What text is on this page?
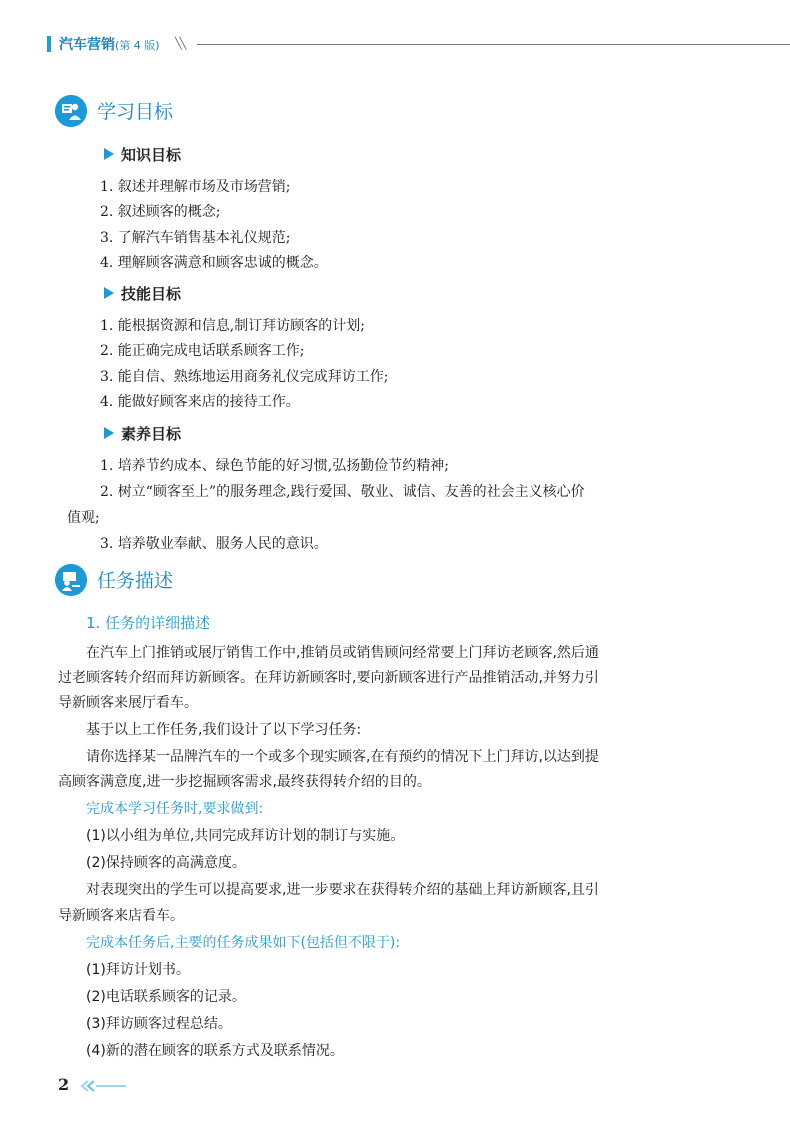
汽车营销(第 4 版) ╲╲
学习目标
知识目标
1. 叙述并理解市场及市场营销;
2. 叙述顾客的概念;
3. 了解汽车销售基本礼仪规范;
4. 理解顾客满意和顾客忠诚的概念。
技能目标
1. 能根据资源和信息,制订拜访顾客的计划;
2. 能正确完成电话联系顾客工作;
3. 能自信、熟练地运用商务礼仪完成拜访工作;
4. 能做好顾客来店的接待工作。
素养目标
1. 培养节约成本、绿色节能的好习惯,弘扬勤俭节约精神;
2. 树立“顾客至上”的服务理念,践行爱国、敬业、诚信、友善的社会主义核心价
值观;
3. 培养敬业奉献、服务人民的意识。
任务描述
1. 任务的详细描述
在汽车上门推销或展厅销售工作中,推销员或销售顾问经常要上门拜访老顾客,然后通
过老顾客转介绍而拜访新顾客。在拜访新顾客时,要向新顾客进行产品推销活动,并努力引
导新顾客来展厅看车。
基于以上工作任务,我们设计了以下学习任务:
请你选择某一品牌汽车的一个或多个现实顾客,在有预约的情况下上门拜访,以达到提
高顾客满意度,进一步挖掘顾客需求,最终获得转介绍的目的。
完成本学习任务时,要求做到:
(1)以小组为单位,共同完成拜访计划的制订与实施。
(2)保持顾客的高满意度。
对表现突出的学生可以提高要求,进一步要求在获得转介绍的基础上拜访新顾客,且引
导新顾客来店看车。
完成本任务后,主要的任务成果如下(包括但不限于):
(1)拜访计划书。
(2)电话联系顾客的记录。
(3)拜访顾客过程总结。
(4)新的潜在顾客的联系方式及联系情况。
2
